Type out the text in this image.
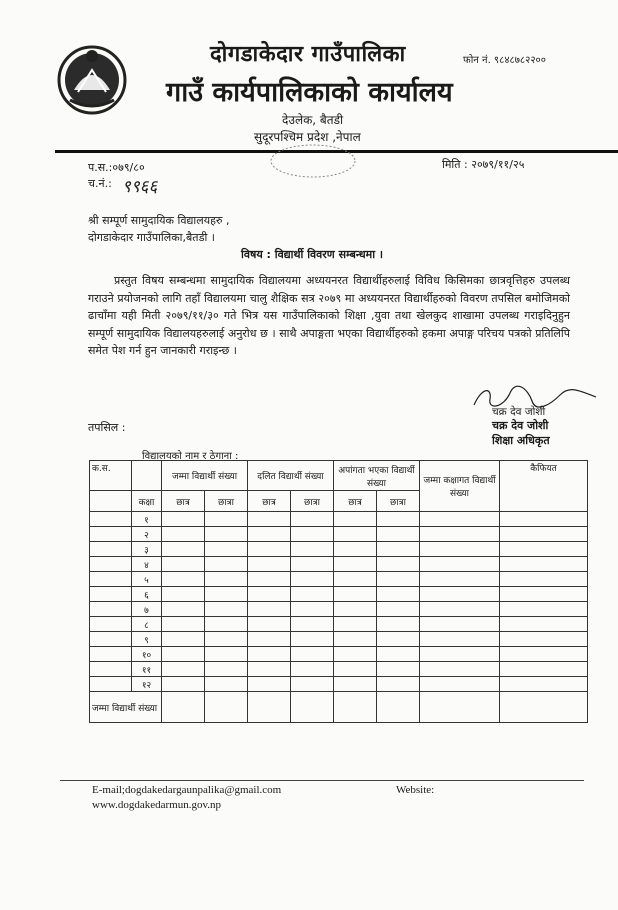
दोगडाकेदार गाउँपालिका
गाउँ कार्यपालिकाको कार्यालय
देउलेक, बैतडी
सुदूरपश्चिम प्रदेश ,नेपाल
फोन नं. ९८४८७८२२००
प.स.:०७९/८०
च.नं.: ९९६६
मिति : २०७९/११/२५
श्री सम्पूर्ण सामुदायिक विद्यालयहरु ,
दोगडाकेदार गाउँपालिका,बैतडी ।
विषय : विद्यार्थी विवरण सम्बन्धमा ।
प्रस्तुत विषय सम्बन्धमा सामुदायिक विद्यालयमा अध्ययनरत विद्यार्थीहरुलाई विविध किसिमका छात्रवृत्तिहरु उपलब्ध गराउने प्रयोजनको लागि तहाँ विद्यालयमा चालु शैक्षिक सत्र २०७९ मा अध्ययनरत विद्यार्थीहरुको विवरण तपसिल बमोजिमको ढाचाँमा यही मिती २०७९/११/३० गते भित्र यस गाउँपालिकाको शिक्षा ,युवा तथा खेलकुद शाखामा उपलब्ध गराइदिनुहुन सम्पूर्ण सामुदायिक विद्यालयहरुलाई अनुरोध छ । साथै अपाङ्गता भएका विद्यार्थीहरुको हकमा अपाङ्ग परिचय पत्रको प्रतिलिपि समेत पेश गर्न हुन जानकारी गराइन्छ ।
चक्र देव जोशी
चक्र देव जोशी
शिक्षा अधिकृत
तपसिल :
विद्यालयको नाम र ठेगाना :
क.स.		जम्मा विद्यार्थी संख्या		दलित विद्यार्थी संख्या		अपांगता भएका विद्यार्थी संख्या		जम्मा कक्षागत विद्यार्थी संख्या	कैफियत
	कक्षा	छात्र	छात्रा	छात्र	छात्रा	छात्र	छात्रा		
	१								
	२								
	३								
	४								
	५								
	६								
	७								
	८								
	९								
	१०								
	११								
	१२								
जम्मा विद्यार्थी संख्या									
E-mail;dogdakedargaunpalika@gmail.com	Website:
www.dogdakedarmun.gov.np
